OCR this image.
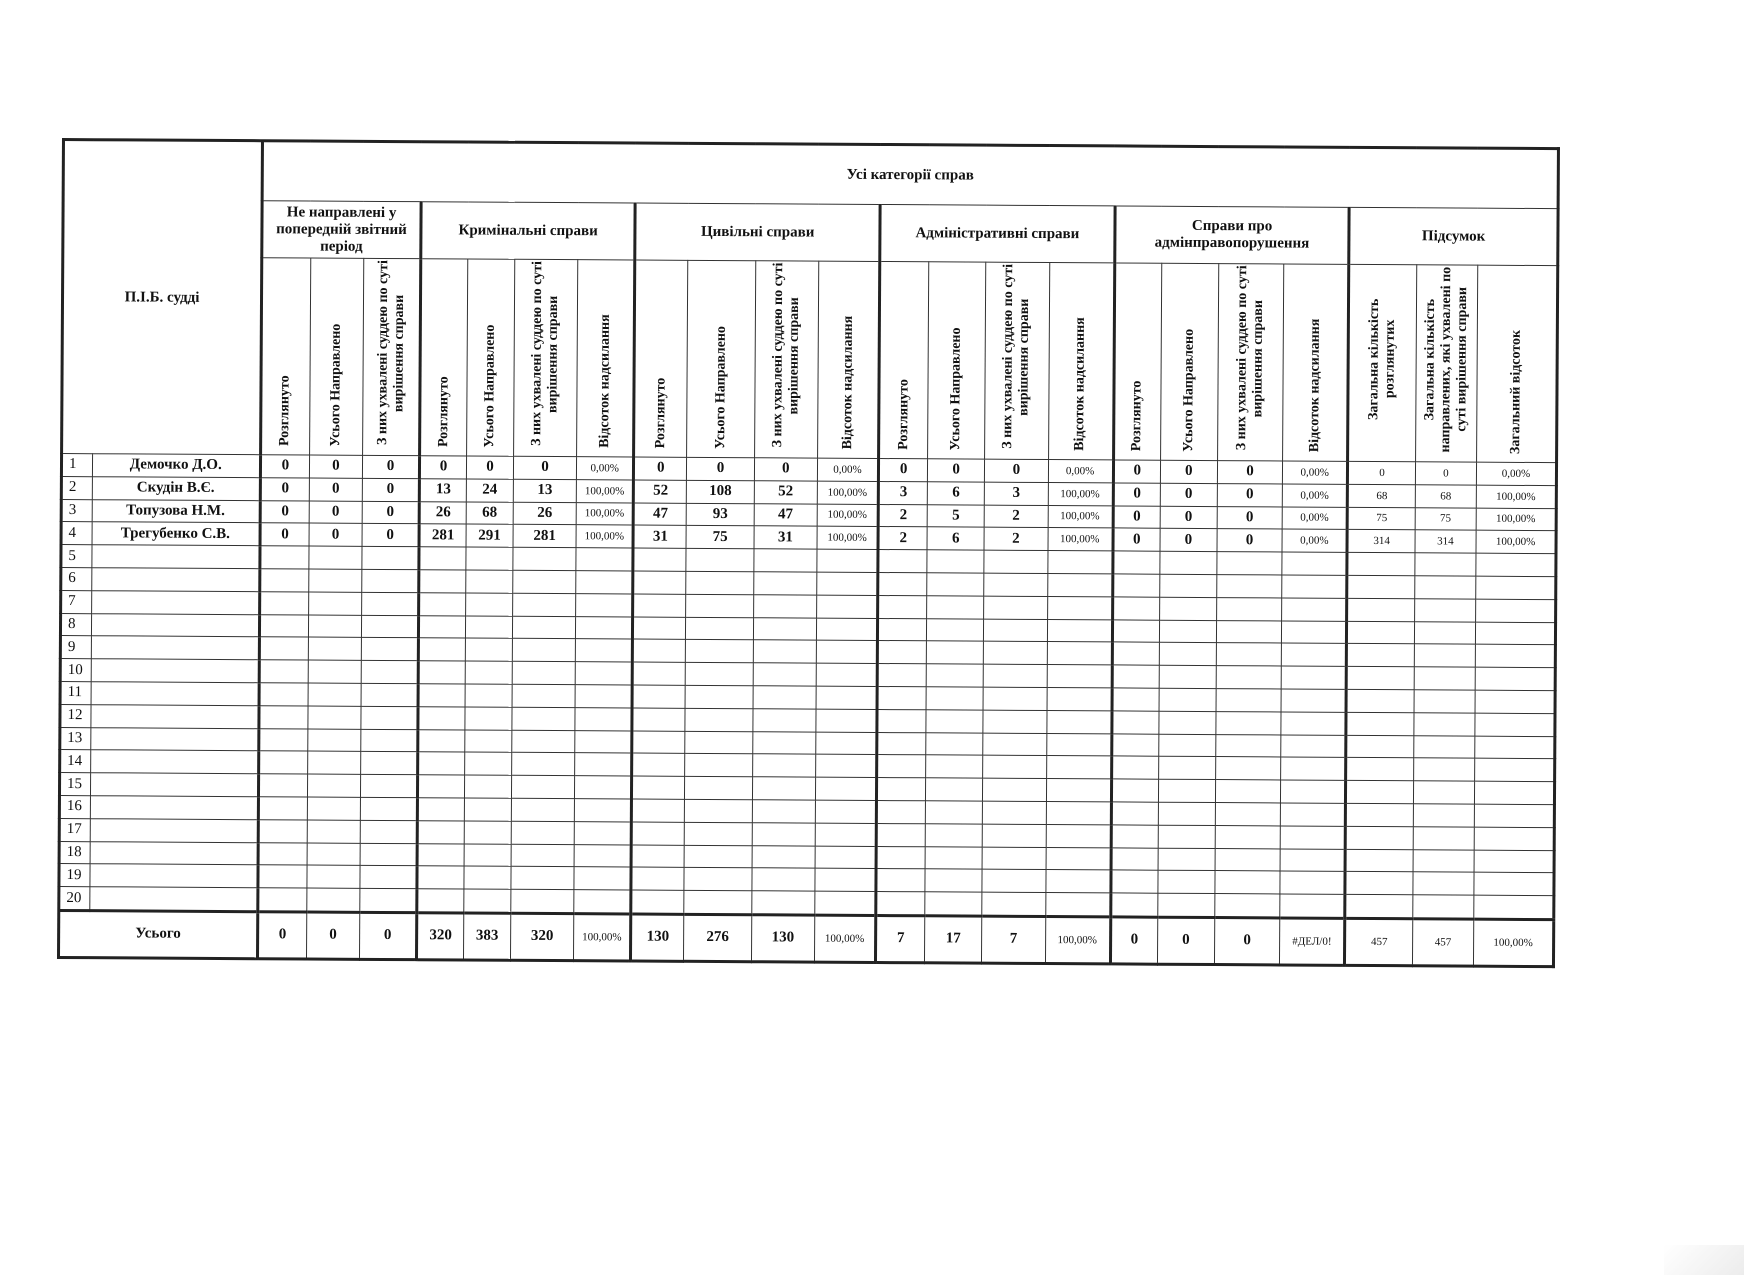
П.І.Б. судді		Усі категорії справ																					
		Не направлені у попередній звітний період			Кримінальні справи				Цивільні справи				Адміністративні справи				Справи про адмінправопорушення				Підсумок		

		Розглянуто	Усього Направлено	З них ухвалені суддею по суті вирішення справи	Розглянуто	Усього Направлено	З них ухвалені суддею по суті вирішення справи	Відсоток надсилання	Розглянуто	Усього Направлено	З них ухвалені суддею по суті вирішення справи	Відсоток надсилання	Розглянуто	Усього Направлено	З них ухвалені суддею по суті вирішення справи	Відсоток надсилання	Розглянуто	Усього Направлено	З них ухвалені суддею по суті вирішення справи	Відсоток надсилання	Загальна кількість розглянутих	Загальна кількість направлених, які ухвалені по суті вирішення справи	Загальний відсоток

1	Демочко Д.О.	0	0	0	0	0	0	0,00%	0	0	0	0,00%	0	0	0	0,00%	0	0	0	0,00%	0	0	0,00%
2	Скудін В.Є.	0	0	0	13	24	13	100,00%	52	108	52	100,00%	3	6	3	100,00%	0	0	0	0,00%	68	68	100,00%
3	Топузова Н.М.	0	0	0	26	68	26	100,00%	47	93	47	100,00%	2	5	2	100,00%	0	0	0	0,00%	75	75	100,00%
4	Трегубенко С.В.	0	0	0	281	291	281	100,00%	31	75	31	100,00%	2	6	2	100,00%	0	0	0	0,00%	314	314	100,00%
5																							
6																							
7																							
8																							
9																							
10																							
11																							
12																							
13																							
14																							
15																							
16																							
17																							
18																							
19																							
20																							
Усього		0	0	0	320	383	320	100,00%	130	276	130	100,00%	7	17	7	100,00%	0	0	0	#ДЕЛ/0!	457	457	100,00%
